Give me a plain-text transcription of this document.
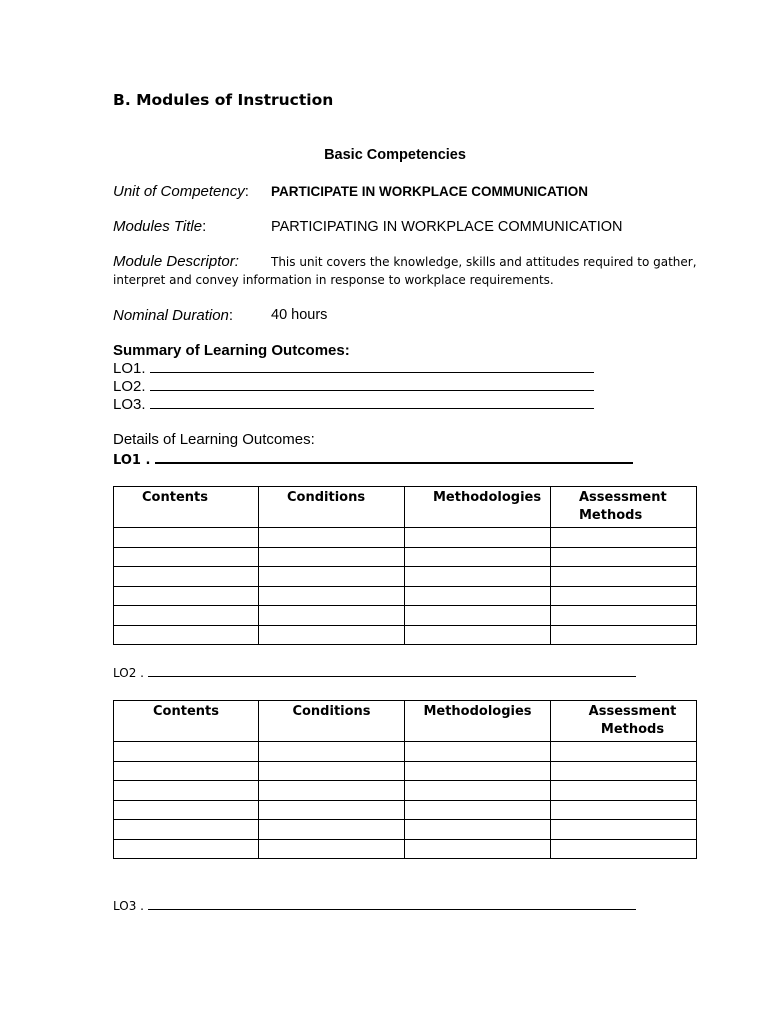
B. Modules of Instruction
Basic Competencies
Unit of Competency: PARTICIPATE IN WORKPLACE COMMUNICATION
Modules Title:	PARTICIPATING IN WORKPLACE COMMUNICATION
Module Descriptor:	This unit covers the knowledge, skills and attitudes required to gather,
interpret and convey information in response to workplace requirements.
Nominal Duration:	40 hours
Summary of Learning Outcomes:
LO1.
LO2.
LO3.
Details of Learning Outcomes:
LO1 .
Contents	Conditions	Methodologies	Assessment Methods

LO2 .
Contents	Conditions	Methodologies	Assessment Methods

LO3 .
